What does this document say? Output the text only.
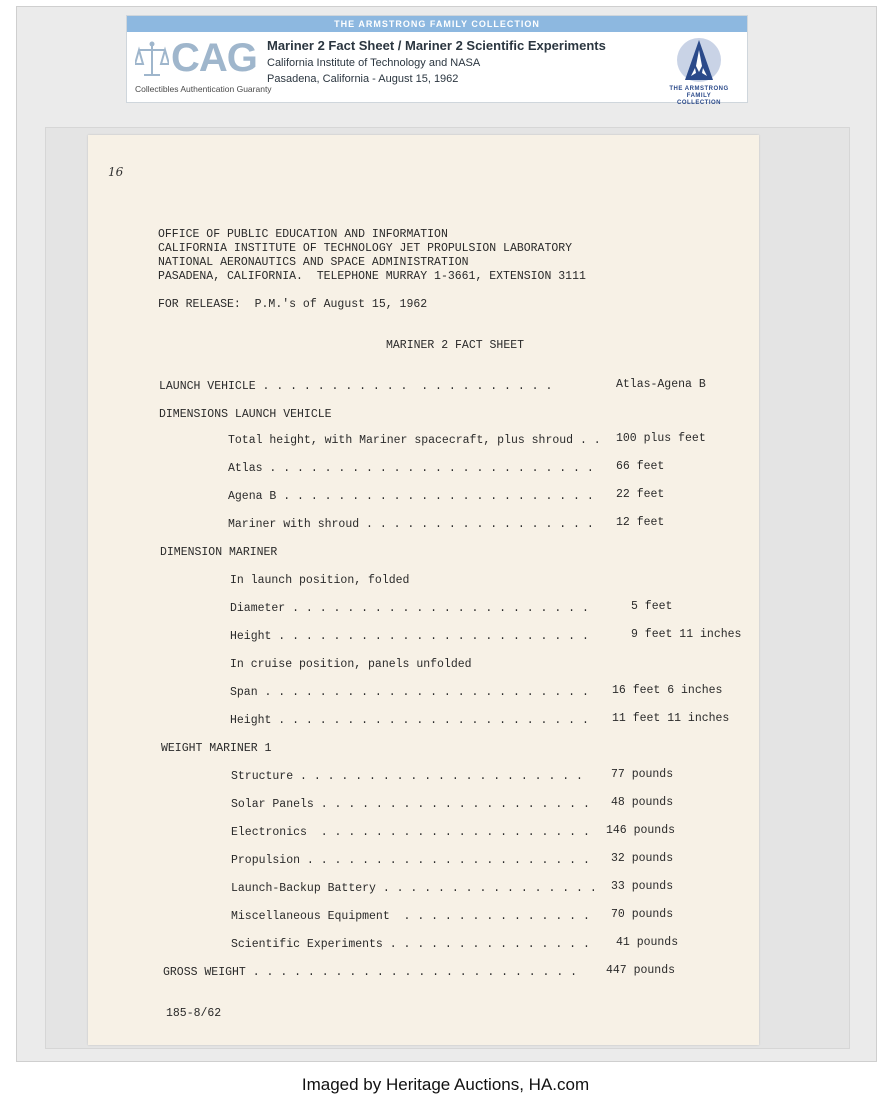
THE ARMSTRONG FAMILY COLLECTION
CAG
Collectibles Authentication Guaranty
Mariner 2 Fact Sheet / Mariner 2 Scientific Experiments
California Institute of Technology and NASA
Pasadena, California - August 15, 1962
THE ARMSTRONG
FAMILY COLLECTION
16
OFFICE OF PUBLIC EDUCATION AND INFORMATION
CALIFORNIA INSTITUTE OF TECHNOLOGY JET PROPULSION LABORATORY
NATIONAL AERONAUTICS AND SPACE ADMINISTRATION
PASADENA, CALIFORNIA.  TELEPHONE MURRAY 1-3661, EXTENSION 3111
FOR RELEASE:  P.M.'s of August 15, 1962
MARINER 2 FACT SHEET
LAUNCH VEHICLE . . . . . . . . . . .  . . . . . . . . . .	Atlas-Agena B
DIMENSIONS LAUNCH VEHICLE
Total height, with Mariner spacecraft, plus shroud . . 100 plus feet
Atlas . . . . . . . . . . . . . . . . . . . . . . . . 66 feet
Agena B . . . . . . . . . . . . . . . . . . . . . . . 22 feet
Mariner with shroud . . . . . . . . . . . . . . . . . 12 feet
DIMENSION MARINER
In launch position, folded
Diameter . . . . . . . . . . . . . . . . . . . . . .	5 feet
Height . . . . . . . . . . . . . . . . . . . . . . .	9 feet 11 inches
In cruise position, panels unfolded
Span . . . . . . . . . . . . . . . . . . . . . . . . 16 feet 6 inches
Height . . . . . . . . . . . . . . . . . . . . . . . 11 feet 11 inches
WEIGHT MARINER 1
Structure . . . . . . . . . . . . . . . . . . . . . 77 pounds
Solar Panels . . . . . . . . . . . . . . . . . . . . 48 pounds
Electronics  . . . . . . . . . . . . . . . . . . . . 146 pounds
Propulsion . . . . . . . . . . . . . . . . . . . . . 32 pounds
Launch-Backup Battery . . . . . . . . . . . . . . . . 33 pounds
Miscellaneous Equipment  . . . . . . . . . . . . . . 70 pounds
Scientific Experiments . . . . . . . . . . . . . . . 41 pounds
GROSS WEIGHT . . . . . . . . . . . . . . . . . . . . . . . .	447 pounds
185-8/62
Imaged by Heritage Auctions, HA.com
